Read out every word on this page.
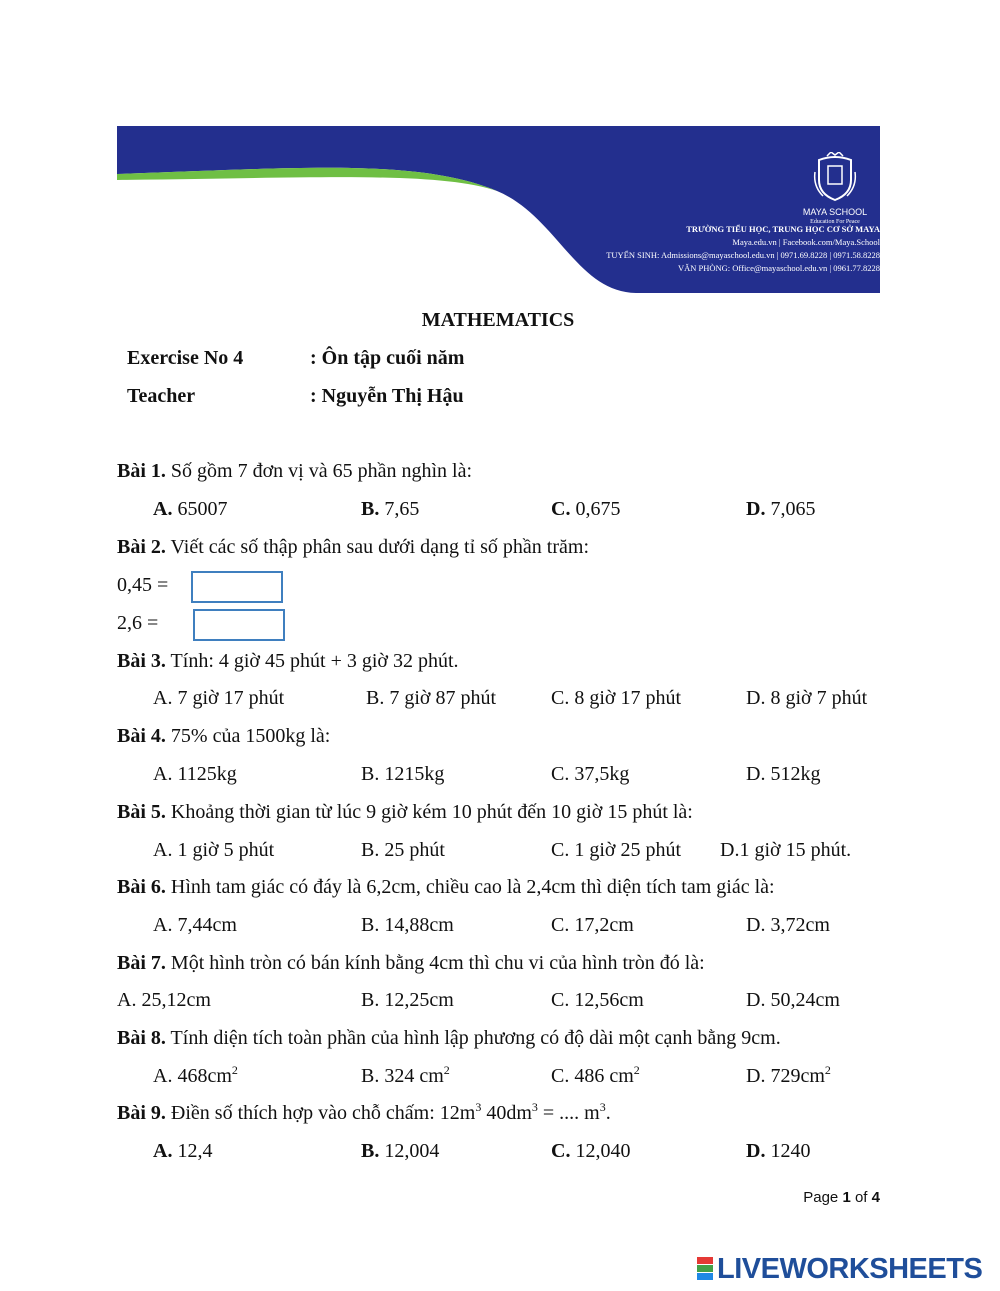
MAYA SCHOOL
Education For Peace
TRƯỜNG TIỂU HỌC, TRUNG HỌC CƠ SỞ MAYA
Maya.edu.vn | Facebook.com/Maya.School
TUYỂN SINH: Admissions@mayaschool.edu.vn | 0971.69.8228 | 0971.58.8228
VĂN PHÒNG: Office@mayaschool.edu.vn | 0961.77.8228
MATHEMATICS
Exercise No 4	: Ôn tập cuối năm
Teacher	: Nguyễn Thị Hậu
Bài 1. Số gồm 7 đơn vị và 65 phần nghìn là:
A. 65007	B. 7,65	C. 0,675	D. 7,065
Bài 2. Viết các số thập phân sau dưới dạng tỉ số phần trăm:
0,45 =
2,6 =
Bài 3. Tính: 4 giờ 45 phút + 3 giờ 32 phút.
A. 7 giờ 17 phút	B. 7 giờ 87 phút	C. 8 giờ 17 phút	D. 8 giờ 7 phút
Bài 4. 75% của 1500kg là:
A. 1125kg	B. 1215kg	C. 37,5kg	D. 512kg
Bài 5. Khoảng thời gian từ lúc 9 giờ kém 10 phút đến 10 giờ 15 phút là:
A. 1 giờ 5 phút	B. 25 phút	C. 1 giờ 25 phút D.1 giờ 15 phút.
Bài 6. Hình tam giác có đáy là 6,2cm, chiều cao là 2,4cm thì diện tích tam giác là:
A. 7,44cm	B. 14,88cm	C. 17,2cm	D. 3,72cm
Bài 7. Một hình tròn có bán kính bằng 4cm thì chu vi của hình tròn đó là:
A. 25,12cm	B. 12,25cm	C. 12,56cm	D. 50,24cm
Bài 8. Tính diện tích toàn phần của hình lập phương có độ dài một cạnh bằng 9cm.
A. $468cm^2$	B. 324 $cm^2$	C. 486 $cm^2$	D. $729cm^2$
Bài 9. Điền số thích hợp vào chỗ chấm: $12m^3$ $40dm^3$ = .... $m^3$.
A. 12,4	B. 12,004	C. 12,040	D. 1240
Page 1 of 4
LIVEWORKSHEETS
